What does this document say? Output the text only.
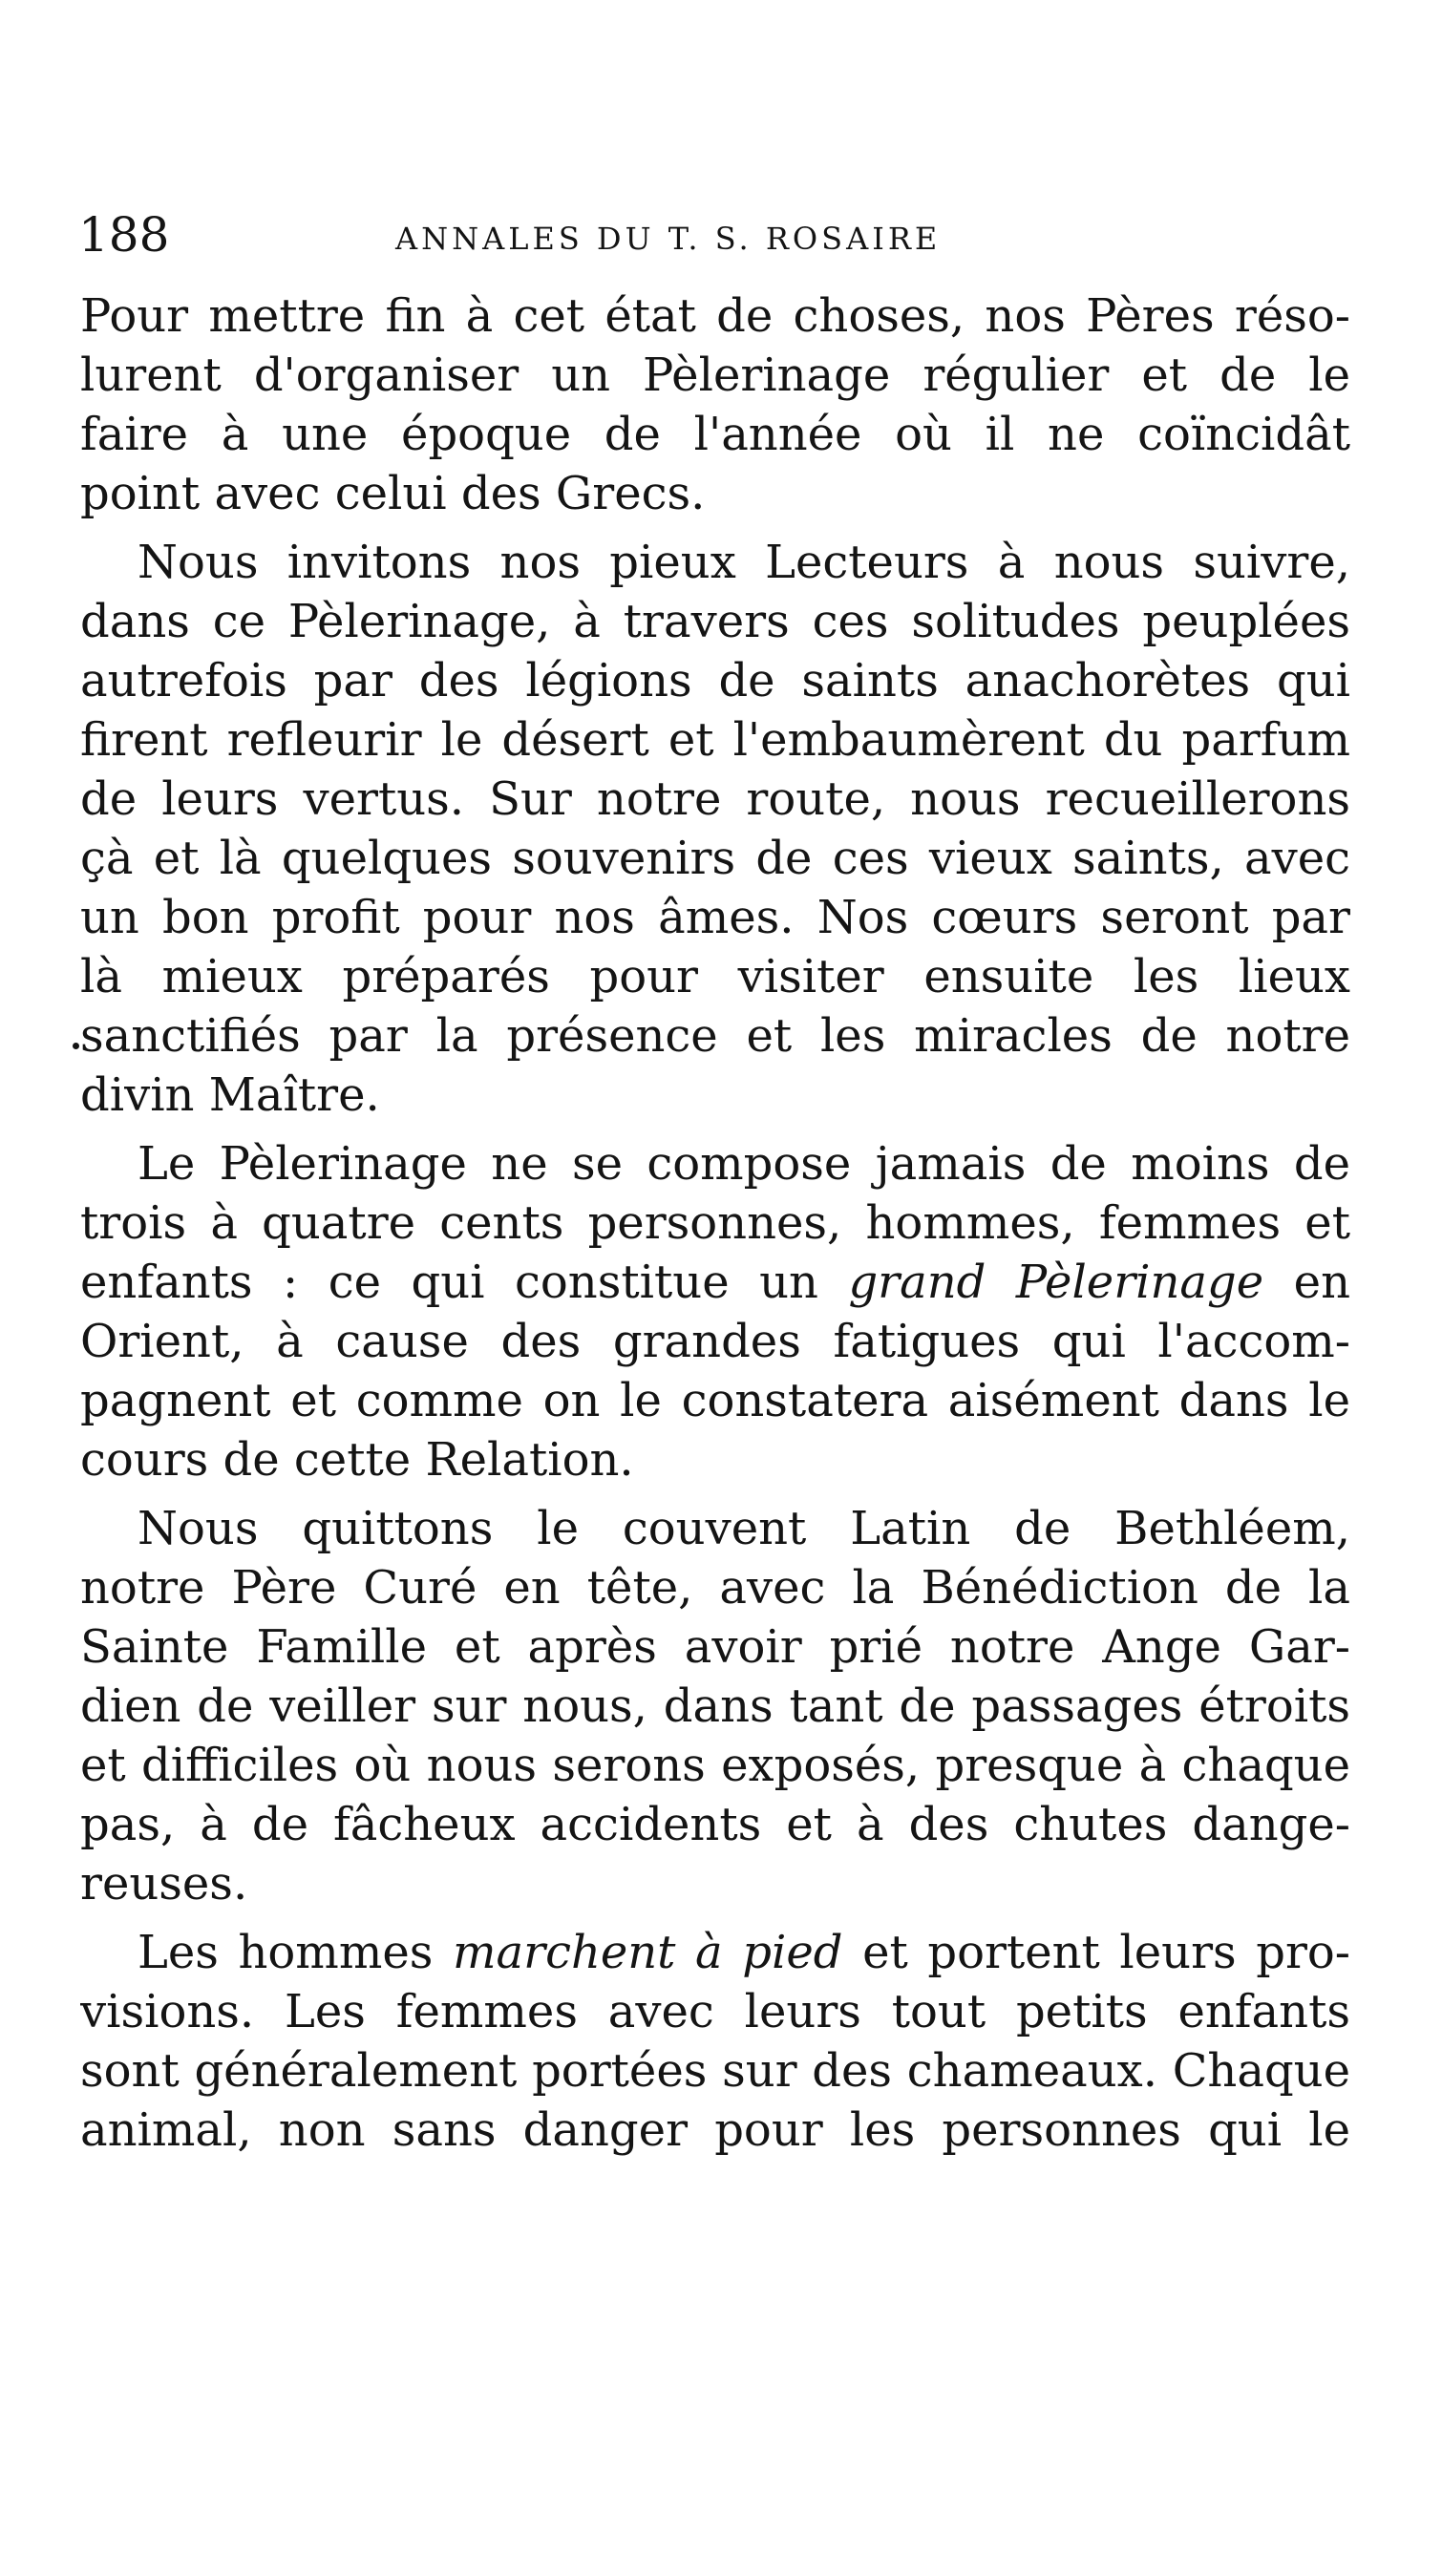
188	ANNALES DU T. S. ROSAIRE
Pour mettre fin à cet état de choses, nos Pères réso-
lurent d'organiser un Pèlerinage régulier et de le
faire à une époque de l'année où il ne coïncidât
point avec celui des Grecs.
Nous invitons nos pieux Lecteurs à nous suivre,
dans ce Pèlerinage, à travers ces solitudes peuplées
autrefois par des légions de saints anachorètes qui
firent refleurir le désert et l'embaumèrent du parfum
de leurs vertus. Sur notre route, nous recueillerons
çà et là quelques souvenirs de ces vieux saints, avec
un bon profit pour nos âmes. Nos cœurs seront par
là mieux préparés pour visiter ensuite les lieux
sanctifiés par la présence et les miracles de notre
divin Maître.
Le Pèlerinage ne se compose jamais de moins de
trois à quatre cents personnes, hommes, femmes et
enfants : ce qui constitue un grand Pèlerinage en
Orient, à cause des grandes fatigues qui l'accom-
pagnent et comme on le constatera aisément dans le
cours de cette Relation.
Nous quittons le couvent Latin de Bethléem,
notre Père Curé en tête, avec la Bénédiction de la
Sainte Famille et après avoir prié notre Ange Gar-
dien de veiller sur nous, dans tant de passages étroits
et difficiles où nous serons exposés, presque à chaque
pas, à de fâcheux accidents et à des chutes dange-
reuses.
Les hommes marchent à pied et portent leurs pro-
visions. Les femmes avec leurs tout petits enfants
sont généralement portées sur des chameaux. Chaque
animal, non sans danger pour les personnes qui le
